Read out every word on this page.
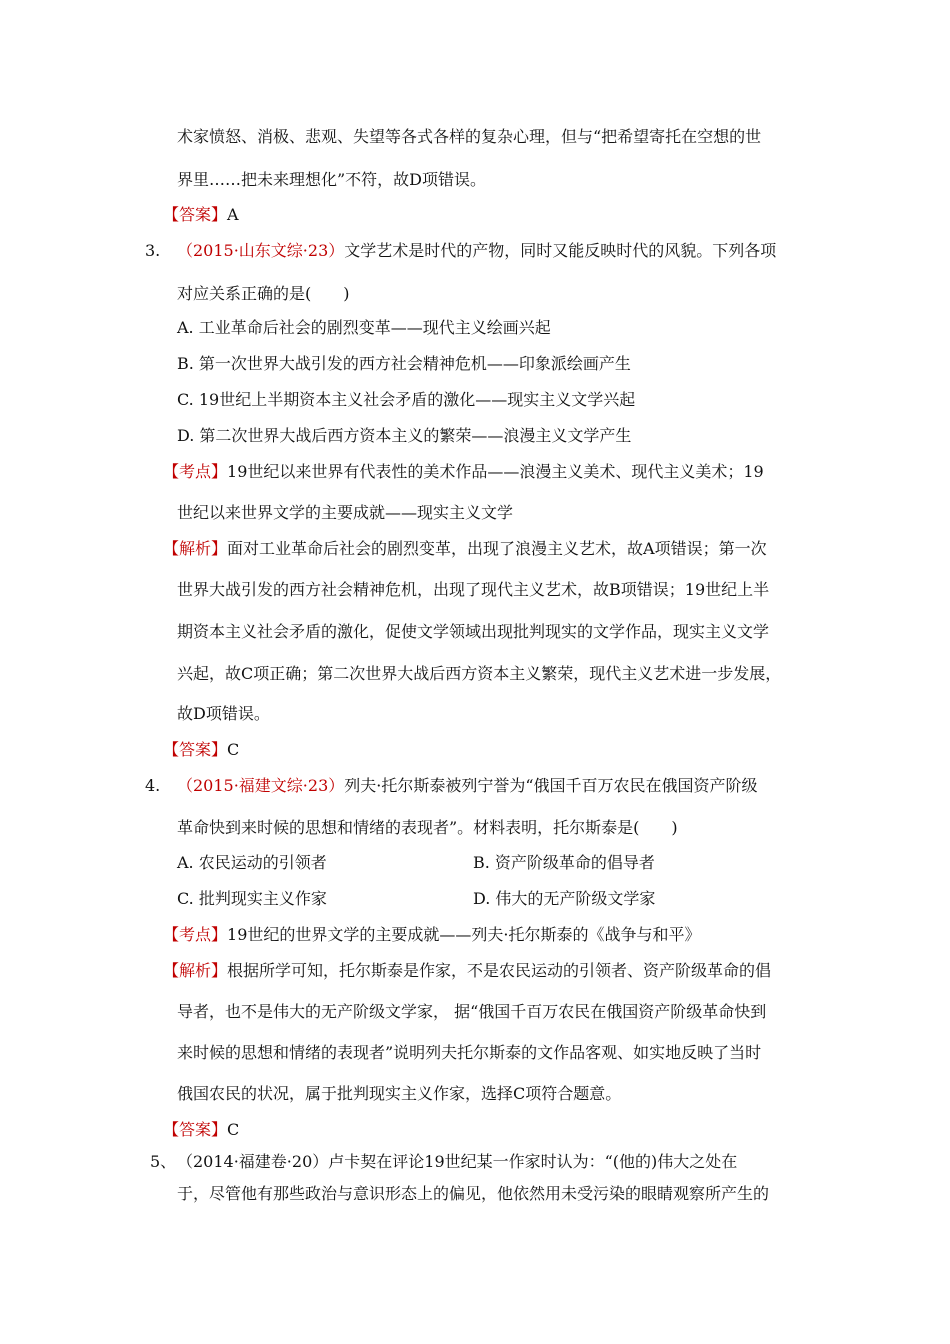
术家愤怒、消极、悲观、失望等各式各样的复杂心理，但与“把希望寄托在空想的世
界里……把未来理想化”不符，故D项错误。
【答案】A
3. （2015·山东文综·23）文学艺术是时代的产物，同时又能反映时代的风貌。下列各项
对应关系正确的是(　　)
A. 工业革命后社会的剧烈变革——现代主义绘画兴起
B. 第一次世界大战引发的西方社会精神危机——印象派绘画产生
C. 19世纪上半期资本主义社会矛盾的激化——现实主义文学兴起
D. 第二次世界大战后西方资本主义的繁荣——浪漫主义文学产生
【考点】19世纪以来世界有代表性的美术作品——浪漫主义美术、现代主义美术；19
世纪以来世界文学的主要成就——现实主义文学
【解析】面对工业革命后社会的剧烈变革，出现了浪漫主义艺术，故A项错误；第一次
世界大战引发的西方社会精神危机，出现了现代主义艺术，故B项错误；19世纪上半
期资本主义社会矛盾的激化，促使文学领域出现批判现实的文学作品，现实主义文学
兴起，故C项正确；第二次世界大战后西方资本主义繁荣，现代主义艺术进一步发展，
故D项错误。
【答案】C
4. （2015·福建文综·23）列夫·托尔斯泰被列宁誉为“俄国千百万农民在俄国资产阶级
革命快到来时候的思想和情绪的表现者”。材料表明，托尔斯泰是(　　)
A. 农民运动的引领者	B. 资产阶级革命的倡导者
C. 批判现实主义作家	D. 伟大的无产阶级文学家
【考点】19世纪的世界文学的主要成就——列夫·托尔斯泰的《战争与和平》
【解析】根据所学可知，托尔斯泰是作家，不是农民运动的引领者、资产阶级革命的倡
导者，也不是伟大的无产阶级文学家， 据“俄国千百万农民在俄国资产阶级革命快到
来时候的思想和情绪的表现者”说明列夫托尔斯泰的文作品客观、如实地反映了当时
俄国农民的状况，属于批判现实主义作家，选择C项符合题意。
【答案】C
5、 （2014·福建卷·20）卢卡契在评论19世纪某一作家时认为：“(他的)伟大之处在
于，尽管他有那些政治与意识形态上的偏见，他依然用未受污染的眼睛观察所产生的
